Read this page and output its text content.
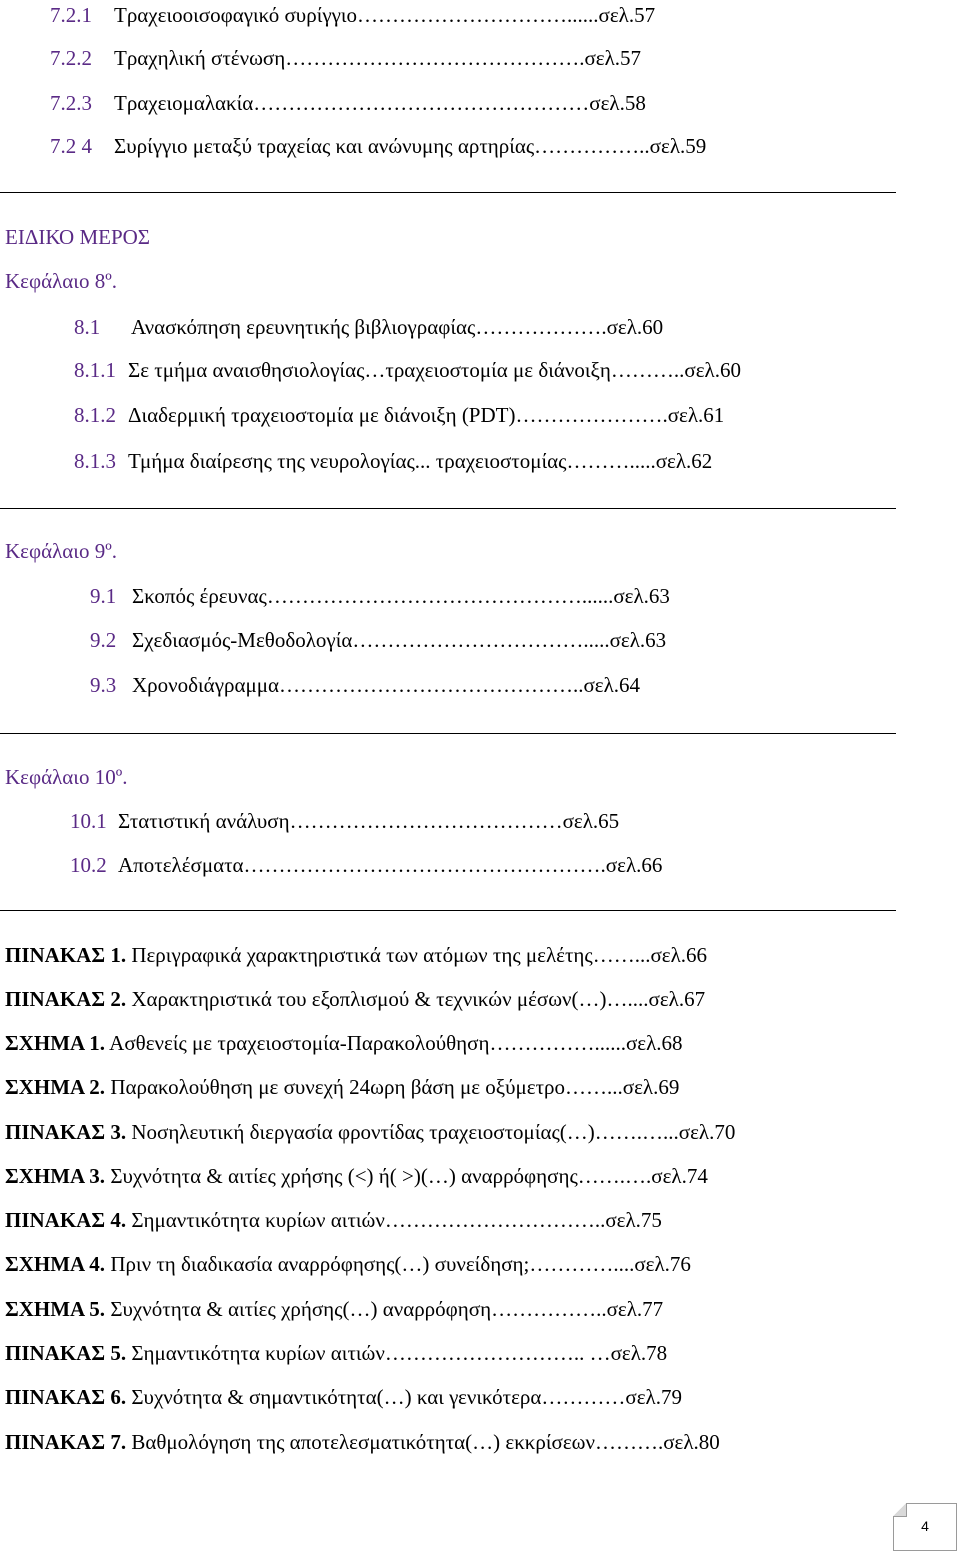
7.2.1 Τραχειοοισοφαγικό συρίγγιο…………………………......σελ.57
7.2.2 Τραχηλική στένωση…………………………………….σελ.57
7.2.3 Τραχειομαλακία…………………………………………σελ.58
7.2 4 Συρίγγιο μεταξύ τραχείας και ανώνυμης αρτηρίας……………..σελ.59
ΕΙΔΙΚΟ ΜΕΡΟΣ
Κεφάλαιο 8º.
8.1 Ανασκόπηση ερευνητικής βιβλιογραφίας……………….σελ.60
8.1.1 Σε τμήμα αναισθησιολογίας…τραχειοστομία με διάνοιξη………..σελ.60
8.1.2 Διαδερμική τραχειοστομία με διάνοιξη (PDT)………………….σελ.61
8.1.3 Τμήμα διαίρεσης της νευρολογίας... τραχειοστομίας……….....σελ.62
Κεφάλαιο 9º.
9.1 Σκοπός έρευνας………………………………………......σελ.63
9.2 Σχεδιασμός-Μεθοδολογία…………………………….....σελ.63
9.3 Χρονοδιάγραμμα……………………………………..σελ.64
Κεφάλαιο 10º.
10.1 Στατιστική ανάλυση…………………………………σελ.65
10.2 Αποτελέσματα…………………………………………….σελ.66
ΠΙΝΑΚΑΣ 1. Περιγραφικά χαρακτηριστικά των ατόμων της μελέτης……...σελ.66
ΠΙΝΑΚΑΣ 2. Χαρακτηριστικά του εξοπλισμού & τεχνικών μέσων(…)…....σελ.67
ΣΧΗΜΑ 1. Ασθενείς με τραχειοστομία-Παρακολούθηση……………......σελ.68
ΣΧΗΜΑ 2. Παρακολούθηση με συνεχή 24ωρη βάση με οξύμετρο……...σελ.69
ΠΙΝΑΚΑΣ 3. Νοσηλευτική διεργασία φροντίδας τραχειοστομίας(…)…….…...σελ.70
ΣΧΗΜΑ 3. Συχνότητα & αιτίες χρήσης (<) ή( >)(…) αναρρόφησης…….….σελ.74
ΠΙΝΑΚΑΣ 4. Σημαντικότητα κυρίων αιτιών…………………………..σελ.75
ΣΧΗΜΑ 4. Πριν τη διαδικασία αναρρόφησης(…) συνείδηση;…………....σελ.76
ΣΧΗΜΑ 5. Συχνότητα & αιτίες χρήσης(…) αναρρόφηση……………..σελ.77
ΠΙΝΑΚΑΣ 5. Σημαντικότητα κυρίων αιτιών……………………….. …σελ.78
ΠΙΝΑΚΑΣ 6. Συχνότητα & σημαντικότητα(…) και γενικότερα…………σελ.79
ΠΙΝΑΚΑΣ 7. Βαθμολόγηση της αποτελεσματικότητα(…) εκκρίσεων……….σελ.80
4
